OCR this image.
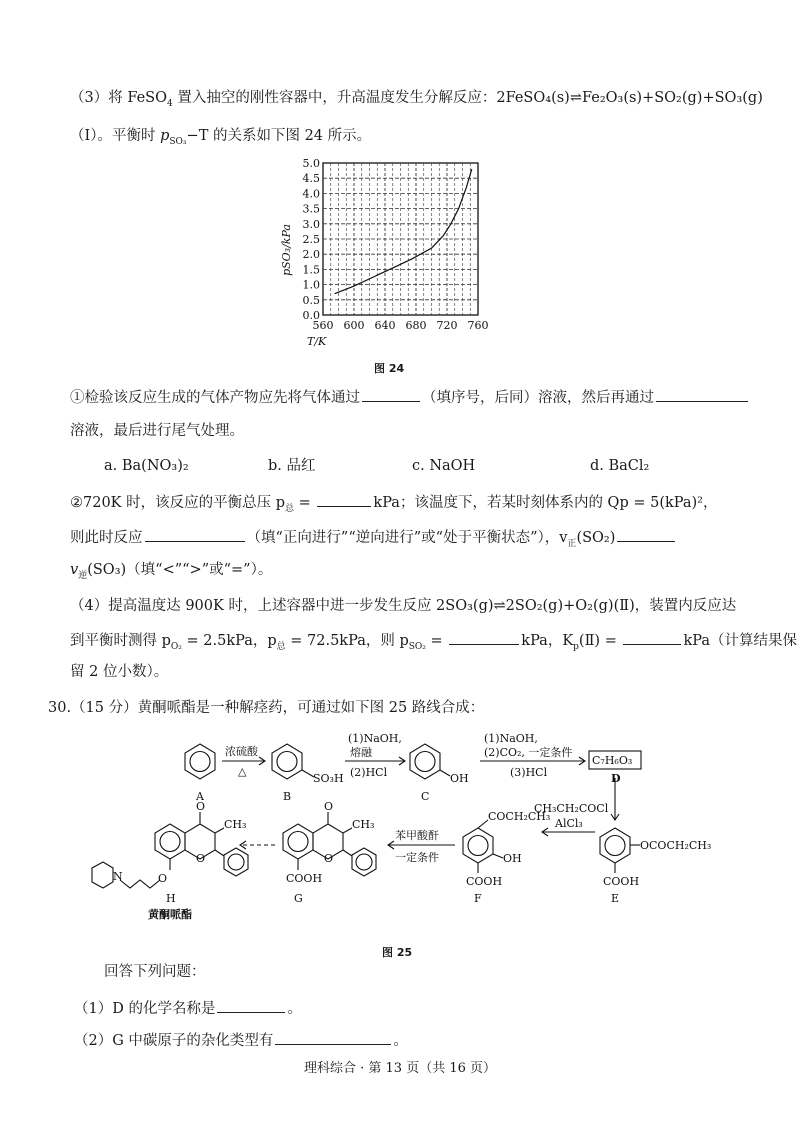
（3）将 FeSO$_4$ 置入抽空的刚性容器中，升高温度发生分解反应：2FeSO₄(s)⇌Fe₂O₃(s)+SO₂(g)+SO₃(g)
（Ⅰ）。平衡时 $p_{SO_3}-T$ 的关系如下图 24 所示。
0.0
0.5
1.0
1.5
2.0
2.5
3.0
3.5
4.0
4.5
5.0
560 600 640 680 720 760
T/K
pSO₃/kPa
图 24
①检验该反应生成的气体产物应先将气体通过	（填序号，后同）溶液，然后再通过
溶液，最后进行尾气处理。
a. Ba(NO₃)₂	b. 品红	c. NaOH	d. BaCl₂
②720K 时，该反应的平衡总压 $p_总$ =	kPa；该温度下，若某时刻体系内的 Qp = 5(kPa)²，
则此时反应	（填“正向进行”“逆向进行”或“处于平衡状态”），$v_正(SO_2)$
$v_逆(SO_3)$（填“<”“>”或“=”）。
（4）提高温度达 900K 时，上述容器中进一步发生反应 2SO₃(g)⇌2SO₂(g)+O₂(g)(Ⅱ)，装置内反应达
到平衡时测得 $p_{O_2} = 2.5kPa$，$p_总 = 72.5kPa$，则 $p_{SO_2}$ =	kPa，$K_p(Ⅱ)$ =	kPa（计算结果保
留 2 位小数）。
30.（15 分）黄酮哌酯是一种解痉药，可通过如下图 25 路线合成：
A	B	C
D
E
F
G
H
黄酮哌酯
浓硫酸
△
(1)NaOH,
熔融
(2)HCl
(1)NaOH,
(2)CO₂, 一定条件
(3)HCl
CH₃CH₂COCl
AlCl₃
苯甲酸酐
一定条件
SO₃H	OH
C₇H₆O₃
OCOCH₂CH₃
COOH
COCH₂CH₃
OH
COOH
O
CH₃
O
COOH
O
CH₃
O
O
N
图 25
回答下列问题：
（1）D 的化学名称是	。
（2）G 中碳原子的杂化类型有	。
理科综合 · 第 13 页（共 16 页）
